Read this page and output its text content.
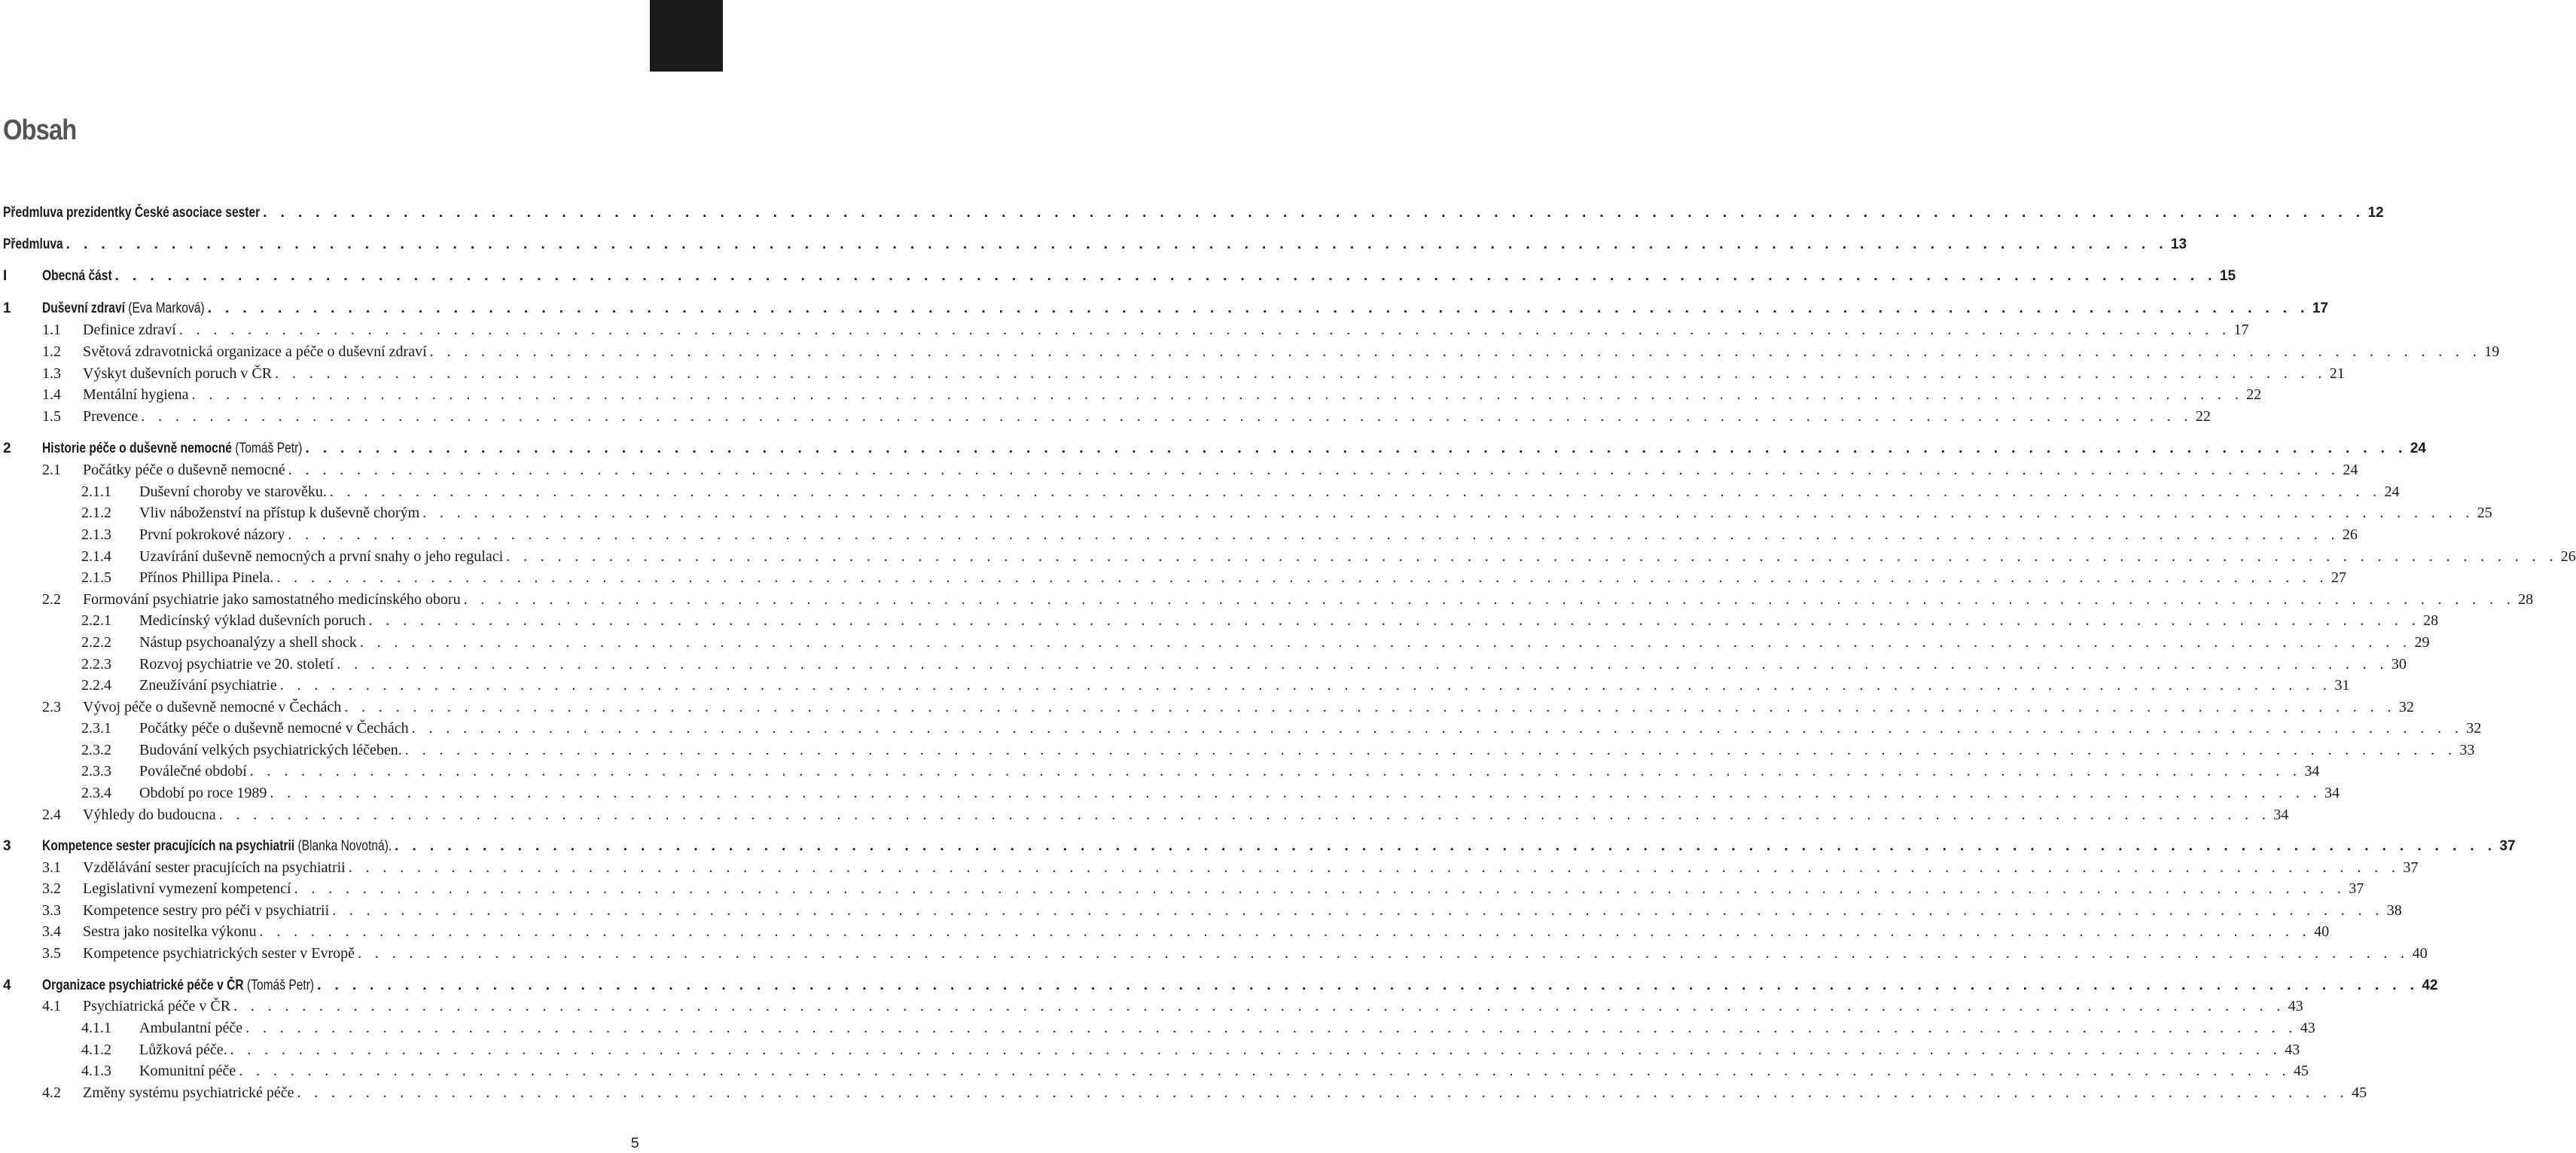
Obsah
Předmluva prezidentky České asociace sester . . . . . . . . . . . . . . . . . . . . . . . . . . . . . . . . . . . . . . . . . . . . . . . . . . . . . . . . . . . . . . . . . . . . . . . . . . . . . . . . . . . . . . . . . . . . . . . . . . . . . . . . . . . . . . . . . . . . . . . . 12
Předmluva . . . . . . . . . . . . . . . . . . . . . . . . . . . . . . . . . . . . . . . . . . . . . . . . . . . . . . . . . . . . . . . . . . . . . . . . . . . . . . . . . . . . . . . . . . . . . . . . . . . . . . . . . . . . . . . . . . . . . . . . 13
I Obecná část . . . . . . . . . . . . . . . . . . . . . . . . . . . . . . . . . . . . . . . . . . . . . . . . . . . . . . . . . . . . . . . . . . . . . . . . . . . . . . . . . . . . . . . . . . . . . . . . . . . . . . . . . . . . . . . . . . . . . . . . 15
1 Duševní zdraví (Eva Marková) . . . . . . . . . . . . . . . . . . . . . . . . . . . . . . . . . . . . . . . . . . . . . . . . . . . . . . . . . . . . . . . . . . . . . . . . . . . . . . . . . . . . . . . . . . . . . . . . . . . . . . . . . . . . . . . . . . . . . . . . 17
1.1 Definice zdraví . . . . . . . . . . . . . . . . . . . . . . . . . . . . . . . . . . . . . . . . . . . . . . . . . . . . . . . . . . . . . . . . . . . . . . . . . . . . . . . . . . . . . . . . . . . . . . . . . . . . . . . . . . . . . . . . . . . . . . . . 17
1.2 Světová zdravotnická organizace a péče o duševní zdraví . . . . . . . . . . . . . . . . . . . . . . . . . . . . . . . . . . . . . . . . . . . . . . . . . . . . . . . . . . . . . . . . . . . . . . . . . . . . . . . . . . . . . . . . . . . . . . . . . . . . . . . . . . . . . . . . . . . . . . . . 19
1.3 Výskyt duševních poruch v ČR . . . . . . . . . . . . . . . . . . . . . . . . . . . . . . . . . . . . . . . . . . . . . . . . . . . . . . . . . . . . . . . . . . . . . . . . . . . . . . . . . . . . . . . . . . . . . . . . . . . . . . . . . . . . . . . . . . . . . . . . 21
1.4 Mentální hygiena . . . . . . . . . . . . . . . . . . . . . . . . . . . . . . . . . . . . . . . . . . . . . . . . . . . . . . . . . . . . . . . . . . . . . . . . . . . . . . . . . . . . . . . . . . . . . . . . . . . . . . . . . . . . . . . . . . . . . . . . 22
1.5 Prevence . . . . . . . . . . . . . . . . . . . . . . . . . . . . . . . . . . . . . . . . . . . . . . . . . . . . . . . . . . . . . . . . . . . . . . . . . . . . . . . . . . . . . . . . . . . . . . . . . . . . . . . . . . . . . . . . . . . . . . . . 22
2 Historie péče o duševně nemocné (Tomáš Petr) . . . . . . . . . . . . . . . . . . . . . . . . . . . . . . . . . . . . . . . . . . . . . . . . . . . . . . . . . . . . . . . . . . . . . . . . . . . . . . . . . . . . . . . . . . . . . . . . . . . . . . . . . . . . . . . . . . . . . . . . 24
2.1 Počátky péče o duševně nemocné . . . . . . . . . . . . . . . . . . . . . . . . . . . . . . . . . . . . . . . . . . . . . . . . . . . . . . . . . . . . . . . . . . . . . . . . . . . . . . . . . . . . . . . . . . . . . . . . . . . . . . . . . . . . . . . . . . . . . . . . 24
2.1.1 Duševní choroby ve starověku. . . . . . . . . . . . . . . . . . . . . . . . . . . . . . . . . . . . . . . . . . . . . . . . . . . . . . . . . . . . . . . . . . . . . . . . . . . . . . . . . . . . . . . . . . . . . . . . . . . . . . . . . . . . . . . . . . . . . . . . . 24
2.1.2 Vliv náboženství na přístup k duševně chorým . . . . . . . . . . . . . . . . . . . . . . . . . . . . . . . . . . . . . . . . . . . . . . . . . . . . . . . . . . . . . . . . . . . . . . . . . . . . . . . . . . . . . . . . . . . . . . . . . . . . . . . . . . . . . . . . . . . . . . . . 25
2.1.3 První pokrokové názory . . . . . . . . . . . . . . . . . . . . . . . . . . . . . . . . . . . . . . . . . . . . . . . . . . . . . . . . . . . . . . . . . . . . . . . . . . . . . . . . . . . . . . . . . . . . . . . . . . . . . . . . . . . . . . . . . . . . . . . . 26
2.1.4 Uzavírání duševně nemocných a první snahy o jeho regulaci . . . . . . . . . . . . . . . . . . . . . . . . . . . . . . . . . . . . . . . . . . . . . . . . . . . . . . . . . . . . . . . . . . . . . . . . . . . . . . . . . . . . . . . . . . . . . . . . . . . . . . . . . . . . . . . . . . . . . . . . 26
2.1.5 Přínos Phillipa Pinela. . . . . . . . . . . . . . . . . . . . . . . . . . . . . . . . . . . . . . . . . . . . . . . . . . . . . . . . . . . . . . . . . . . . . . . . . . . . . . . . . . . . . . . . . . . . . . . . . . . . . . . . . . . . . . . . . . . . . . . . . 27
2.2 Formování psychiatrie jako samostatného medicínského oboru . . . . . . . . . . . . . . . . . . . . . . . . . . . . . . . . . . . . . . . . . . . . . . . . . . . . . . . . . . . . . . . . . . . . . . . . . . . . . . . . . . . . . . . . . . . . . . . . . . . . . . . . . . . . . . . . . . . . . . . . 28
2.2.1 Medicínský výklad duševních poruch . . . . . . . . . . . . . . . . . . . . . . . . . . . . . . . . . . . . . . . . . . . . . . . . . . . . . . . . . . . . . . . . . . . . . . . . . . . . . . . . . . . . . . . . . . . . . . . . . . . . . . . . . . . . . . . . . . . . . . . . 28
2.2.2 Nástup psychoanalýzy a shell shock . . . . . . . . . . . . . . . . . . . . . . . . . . . . . . . . . . . . . . . . . . . . . . . . . . . . . . . . . . . . . . . . . . . . . . . . . . . . . . . . . . . . . . . . . . . . . . . . . . . . . . . . . . . . . . . . . . . . . . . . 29
2.2.3 Rozvoj psychiatrie ve 20. století . . . . . . . . . . . . . . . . . . . . . . . . . . . . . . . . . . . . . . . . . . . . . . . . . . . . . . . . . . . . . . . . . . . . . . . . . . . . . . . . . . . . . . . . . . . . . . . . . . . . . . . . . . . . . . . . . . . . . . . . 30
2.2.4 Zneužívání psychiatrie . . . . . . . . . . . . . . . . . . . . . . . . . . . . . . . . . . . . . . . . . . . . . . . . . . . . . . . . . . . . . . . . . . . . . . . . . . . . . . . . . . . . . . . . . . . . . . . . . . . . . . . . . . . . . . . . . . . . . . . . 31
2.3 Vývoj péče o duševně nemocné v Čechách . . . . . . . . . . . . . . . . . . . . . . . . . . . . . . . . . . . . . . . . . . . . . . . . . . . . . . . . . . . . . . . . . . . . . . . . . . . . . . . . . . . . . . . . . . . . . . . . . . . . . . . . . . . . . . . . . . . . . . . . 32
2.3.1 Počátky péče o duševně nemocné v Čechách . . . . . . . . . . . . . . . . . . . . . . . . . . . . . . . . . . . . . . . . . . . . . . . . . . . . . . . . . . . . . . . . . . . . . . . . . . . . . . . . . . . . . . . . . . . . . . . . . . . . . . . . . . . . . . . . . . . . . . . . 32
2.3.2 Budování velkých psychiatrických léčeben. . . . . . . . . . . . . . . . . . . . . . . . . . . . . . . . . . . . . . . . . . . . . . . . . . . . . . . . . . . . . . . . . . . . . . . . . . . . . . . . . . . . . . . . . . . . . . . . . . . . . . . . . . . . . . . . . . . . . . . . . 33
2.3.3 Poválečné období . . . . . . . . . . . . . . . . . . . . . . . . . . . . . . . . . . . . . . . . . . . . . . . . . . . . . . . . . . . . . . . . . . . . . . . . . . . . . . . . . . . . . . . . . . . . . . . . . . . . . . . . . . . . . . . . . . . . . . . . 34
2.3.4 Období po roce 1989 . . . . . . . . . . . . . . . . . . . . . . . . . . . . . . . . . . . . . . . . . . . . . . . . . . . . . . . . . . . . . . . . . . . . . . . . . . . . . . . . . . . . . . . . . . . . . . . . . . . . . . . . . . . . . . . . . . . . . . . . 34
2.4 Výhledy do budoucna . . . . . . . . . . . . . . . . . . . . . . . . . . . . . . . . . . . . . . . . . . . . . . . . . . . . . . . . . . . . . . . . . . . . . . . . . . . . . . . . . . . . . . . . . . . . . . . . . . . . . . . . . . . . . . . . . . . . . . . . 34
3 Kompetence sester pracujících na psychiatrii (Blanka Novotná). . . . . . . . . . . . . . . . . . . . . . . . . . . . . . . . . . . . . . . . . . . . . . . . . . . . . . . . . . . . . . . . . . . . . . . . . . . . . . . . . . . . . . . . . . . . . . . . . . . . . . . . . . . . . . . . . . . . . . . . . 37
3.1 Vzdělávání sester pracujících na psychiatrii . . . . . . . . . . . . . . . . . . . . . . . . . . . . . . . . . . . . . . . . . . . . . . . . . . . . . . . . . . . . . . . . . . . . . . . . . . . . . . . . . . . . . . . . . . . . . . . . . . . . . . . . . . . . . . . . . . . . . . . . 37
3.2 Legislativní vymezení kompetencí . . . . . . . . . . . . . . . . . . . . . . . . . . . . . . . . . . . . . . . . . . . . . . . . . . . . . . . . . . . . . . . . . . . . . . . . . . . . . . . . . . . . . . . . . . . . . . . . . . . . . . . . . . . . . . . . . . . . . . . . 37
3.3 Kompetence sestry pro péči v psychiatrii . . . . . . . . . . . . . . . . . . . . . . . . . . . . . . . . . . . . . . . . . . . . . . . . . . . . . . . . . . . . . . . . . . . . . . . . . . . . . . . . . . . . . . . . . . . . . . . . . . . . . . . . . . . . . . . . . . . . . . . . 38
3.4 Sestra jako nositelka výkonu . . . . . . . . . . . . . . . . . . . . . . . . . . . . . . . . . . . . . . . . . . . . . . . . . . . . . . . . . . . . . . . . . . . . . . . . . . . . . . . . . . . . . . . . . . . . . . . . . . . . . . . . . . . . . . . . . . . . . . . . 40
3.5 Kompetence psychiatrických sester v Evropě . . . . . . . . . . . . . . . . . . . . . . . . . . . . . . . . . . . . . . . . . . . . . . . . . . . . . . . . . . . . . . . . . . . . . . . . . . . . . . . . . . . . . . . . . . . . . . . . . . . . . . . . . . . . . . . . . . . . . . . . 40
4 Organizace psychiatrické péče v ČR (Tomáš Petr) . . . . . . . . . . . . . . . . . . . . . . . . . . . . . . . . . . . . . . . . . . . . . . . . . . . . . . . . . . . . . . . . . . . . . . . . . . . . . . . . . . . . . . . . . . . . . . . . . . . . . . . . . . . . . . . . . . . . . . . . 42
4.1 Psychiatrická péče v ČR . . . . . . . . . . . . . . . . . . . . . . . . . . . . . . . . . . . . . . . . . . . . . . . . . . . . . . . . . . . . . . . . . . . . . . . . . . . . . . . . . . . . . . . . . . . . . . . . . . . . . . . . . . . . . . . . . . . . . . . . 43
4.1.1 Ambulantní péče . . . . . . . . . . . . . . . . . . . . . . . . . . . . . . . . . . . . . . . . . . . . . . . . . . . . . . . . . . . . . . . . . . . . . . . . . . . . . . . . . . . . . . . . . . . . . . . . . . . . . . . . . . . . . . . . . . . . . . . . 43
4.1.2 Lůžková péče. . . . . . . . . . . . . . . . . . . . . . . . . . . . . . . . . . . . . . . . . . . . . . . . . . . . . . . . . . . . . . . . . . . . . . . . . . . . . . . . . . . . . . . . . . . . . . . . . . . . . . . . . . . . . . . . . . . . . . . . . 43
4.1.3 Komunitní péče . . . . . . . . . . . . . . . . . . . . . . . . . . . . . . . . . . . . . . . . . . . . . . . . . . . . . . . . . . . . . . . . . . . . . . . . . . . . . . . . . . . . . . . . . . . . . . . . . . . . . . . . . . . . . . . . . . . . . . . . 45
4.2 Změny systému psychiatrické péče . . . . . . . . . . . . . . . . . . . . . . . . . . . . . . . . . . . . . . . . . . . . . . . . . . . . . . . . . . . . . . . . . . . . . . . . . . . . . . . . . . . . . . . . . . . . . . . . . . . . . . . . . . . . . . . . . . . . . . . . 45
5
